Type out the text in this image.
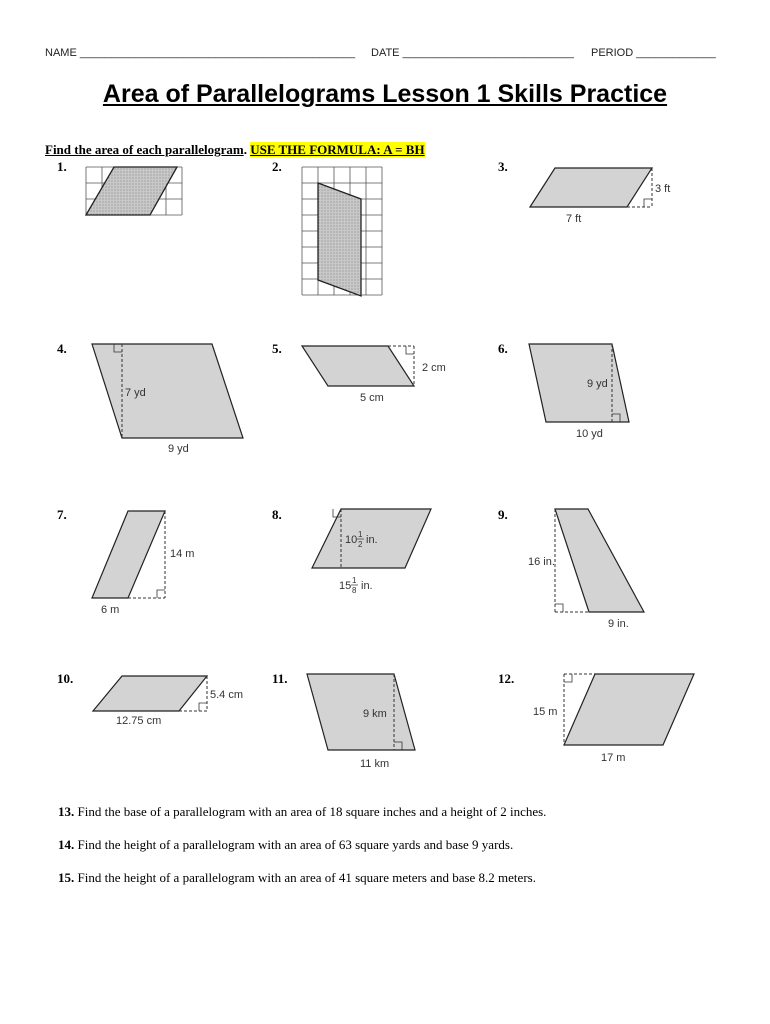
NAME _____________________________________________ DATE ____________________________ PERIOD _____________
Area of Parallelograms Lesson 1 Skills Practice
Find the area of each parallelogram. USE THE FORMULA: A = BH
1.	2.	3.
4.	5.	6.
7.	8.	9.
10.	11.	12.
3 ft
7 ft
7 yd
9 yd
2 cm
5 cm
9 yd
10 yd
14 m
6 m
10 1
2 in.
15 1
8 in.
16 in.
9 in.
5.4 cm
12.75 cm
9 km
11 km
15 m
17 m
13. Find the base of a parallelogram with an area of 18 square inches and a height of 2 inches.
14. Find the height of a parallelogram with an area of 63 square yards and base 9 yards.
15. Find the height of a parallelogram with an area of 41 square meters and base 8.2 meters.
